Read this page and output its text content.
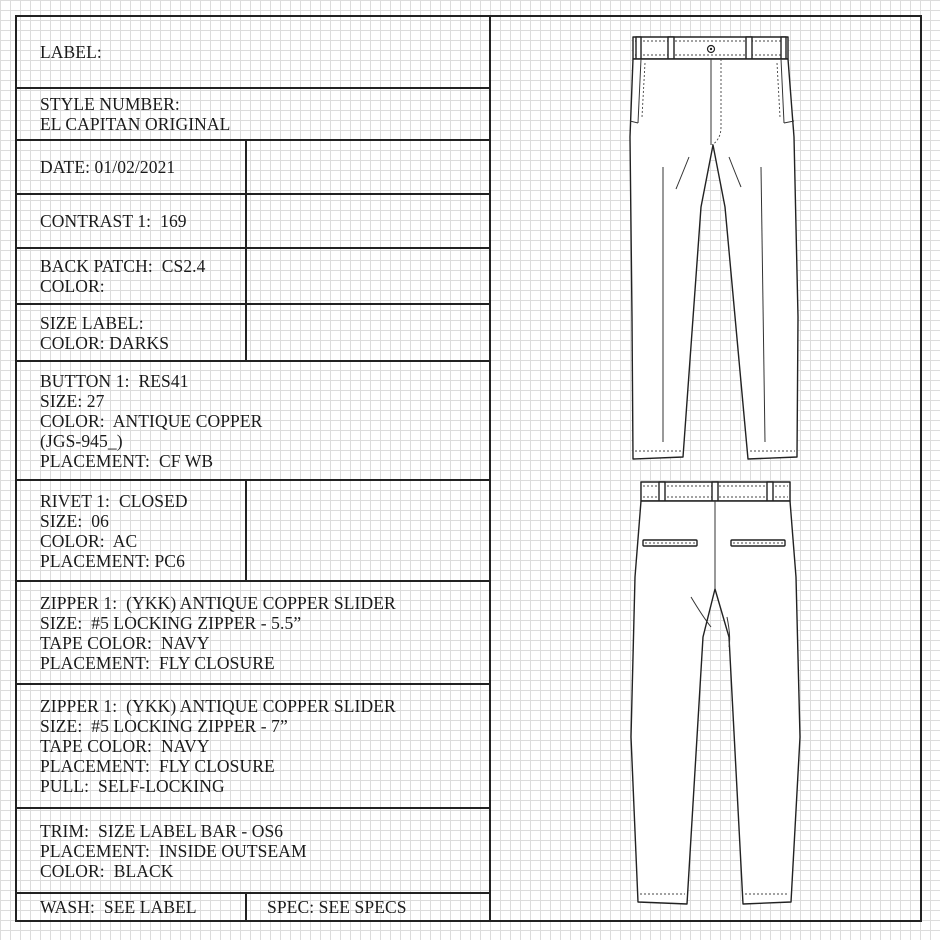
LABEL:
STYLE NUMBER:
EL CAPITAN ORIGINAL
DATE: 01/02/2021
CONTRAST 1:  169
BACK PATCH:  CS2.4
COLOR:
SIZE LABEL:
COLOR: DARKS
BUTTON 1:  RES41
SIZE: 27
COLOR:  ANTIQUE COPPER
(JGS-945_)
PLACEMENT:  CF WB
RIVET 1:  CLOSED
SIZE:  06
COLOR:  AC
PLACEMENT: PC6
ZIPPER 1:  (YKK) ANTIQUE COPPER SLIDER
SIZE:  #5 LOCKING ZIPPER - 5.5”
TAPE COLOR:  NAVY
PLACEMENT:  FLY CLOSURE
ZIPPER 1:  (YKK) ANTIQUE COPPER SLIDER
SIZE:  #5 LOCKING ZIPPER - 7”
TAPE COLOR:  NAVY
PLACEMENT:  FLY CLOSURE
PULL:  SELF-LOCKING
TRIM:  SIZE LABEL BAR - OS6
PLACEMENT:  INSIDE OUTSEAM
COLOR:  BLACK
WASH:  SEE LABEL	SPEC: SEE SPECS
